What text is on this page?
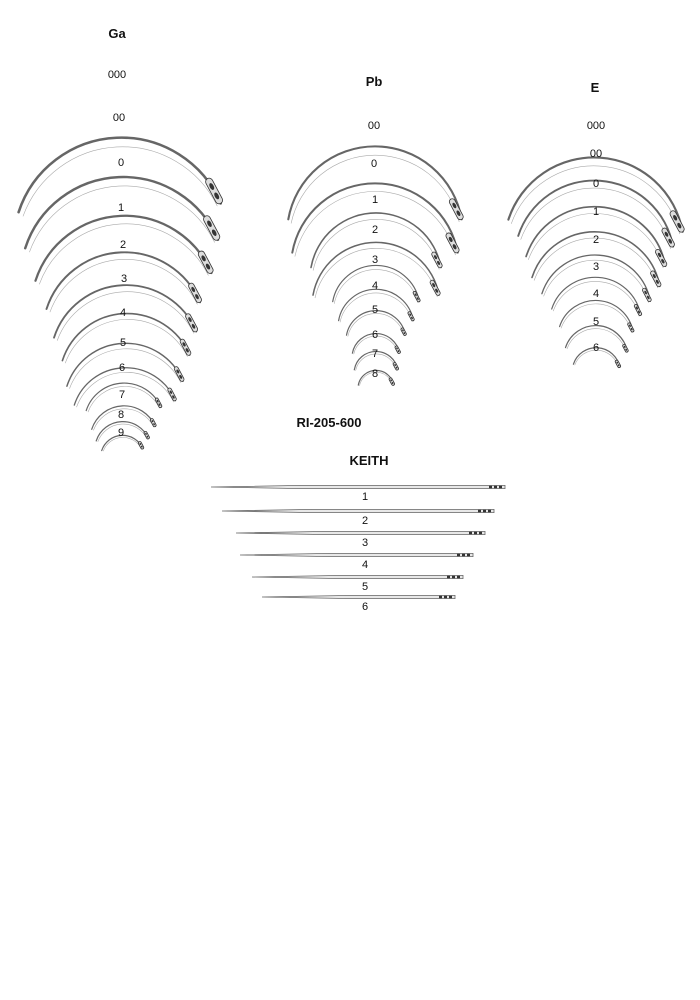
Ga
Pb	E
000
00
0
1
2
3
4
5
6
7
8
9
00
0
1
2
3
4
5
6
7
8
000
00
0
1
2
3
4
5
6
RI-205-600
KEITH
1
2
3
4
5
6
